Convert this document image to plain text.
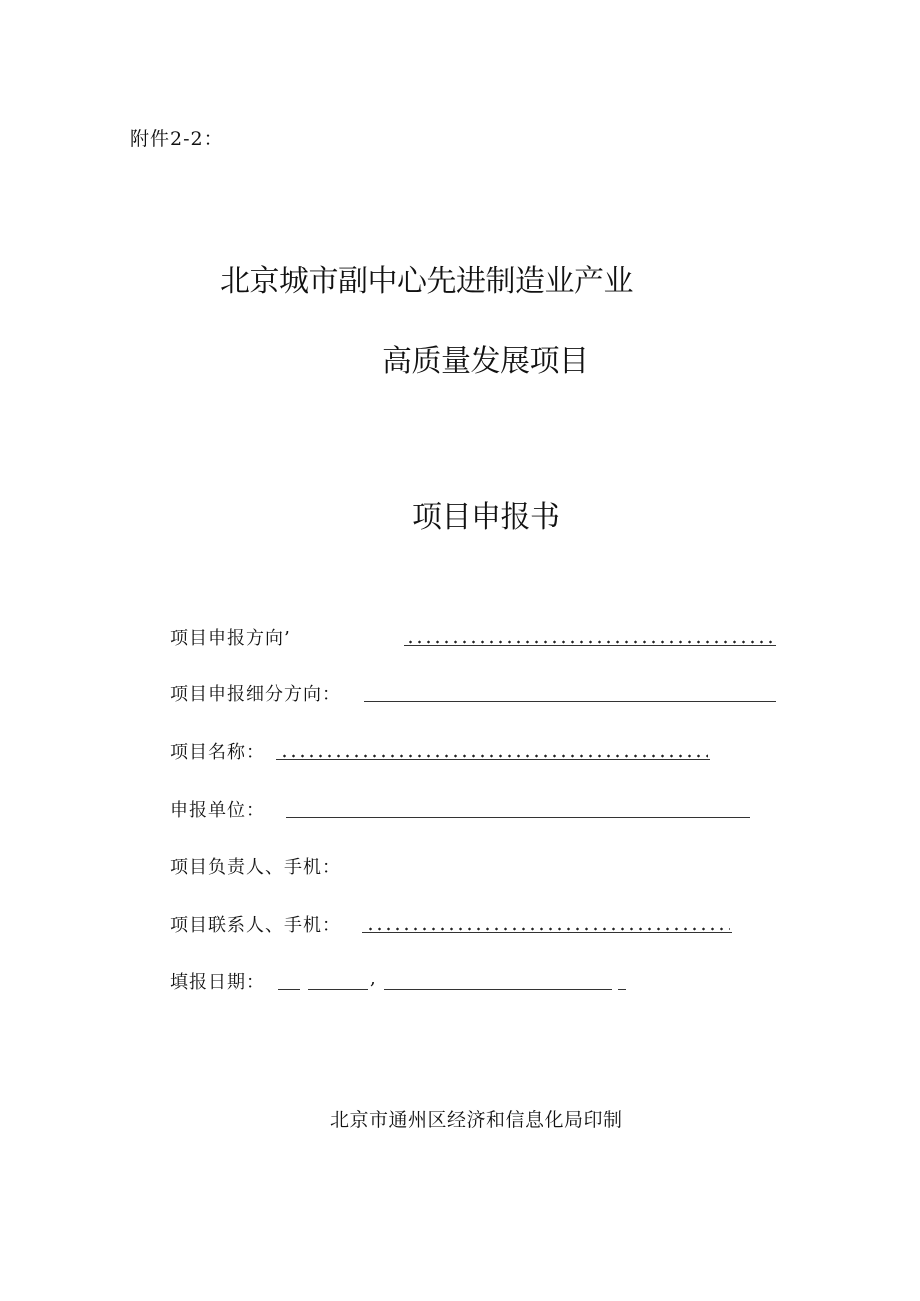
附件2-2：
北京城市副中心先进制造业产业
高质量发展项目
项目申报书
项目申报方向’
项目申报细分方向：
项目名称：
申报单位：
项目负责人、手机：
项目联系人、手机：
填报日期：	,
北京市通州区经济和信息化局印制
